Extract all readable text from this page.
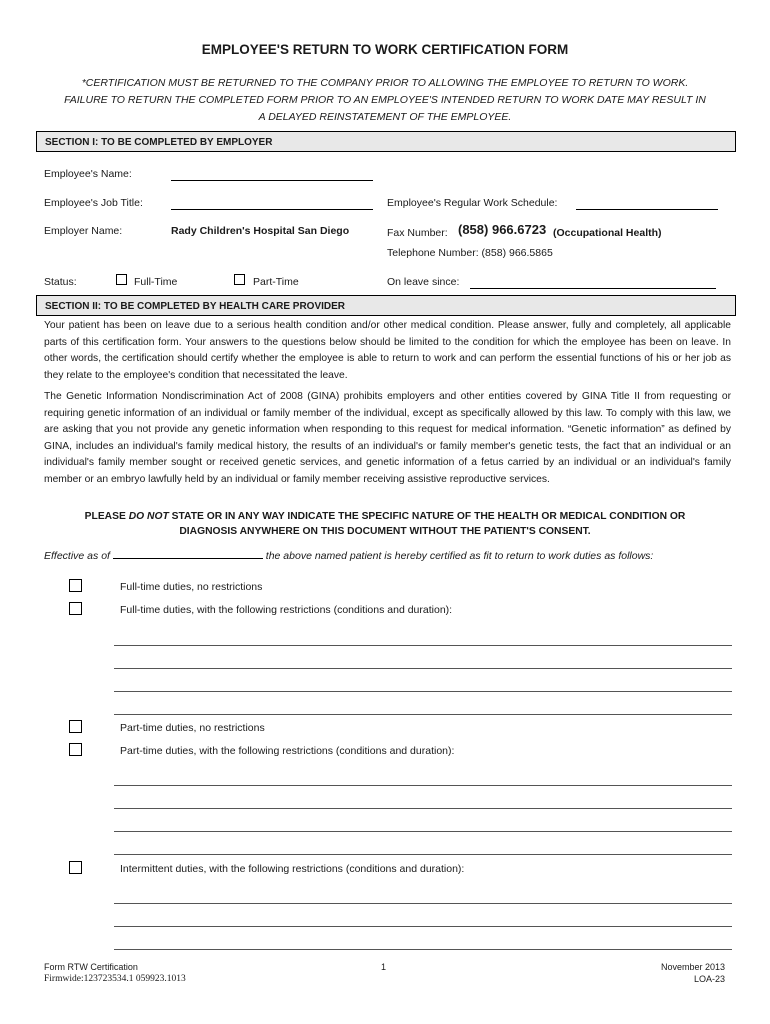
EMPLOYEE'S RETURN TO WORK CERTIFICATION FORM
*CERTIFICATION MUST BE RETURNED TO THE COMPANY PRIOR TO ALLOWING THE EMPLOYEE TO RETURN TO WORK. FAILURE TO RETURN THE COMPLETED FORM PRIOR TO AN EMPLOYEE'S INTENDED RETURN TO WORK DATE MAY RESULT IN A DELAYED REINSTATEMENT OF THE EMPLOYEE.
SECTION I: TO BE COMPLETED BY EMPLOYER
Employee's Name:
Employee's Job Title:	Employee's Regular Work Schedule:
Employer Name:	Rady Children's Hospital San Diego	Fax Number: (858) 966.6723 (Occupational Health)
Telephone Number: (858) 966.5865
Status:	Full-Time	Part-Time	On leave since:
SECTION II: TO BE COMPLETED BY HEALTH CARE PROVIDER
Your patient has been on leave due to a serious health condition and/or other medical condition. Please answer, fully and completely, all applicable parts of this certification form. Your answers to the questions below should be limited to the condition for which the employee has been on leave. In other words, the certification should certify whether the employee is able to return to work and can perform the essential functions of his or her job as they relate to the employee's condition that necessitated the leave.
The Genetic Information Nondiscrimination Act of 2008 (GINA) prohibits employers and other entities covered by GINA Title II from requesting or requiring genetic information of an individual or family member of the individual, except as specifically allowed by this law. To comply with this law, we are asking that you not provide any genetic information when responding to this request for medical information. “Genetic information” as defined by GINA, includes an individual's family medical history, the results of an individual's or family member's genetic tests, the fact that an individual or an individual's family member sought or received genetic services, and genetic information of a fetus carried by an individual or an individual's family member or an embryo lawfully held by an individual or family member receiving assistive reproductive services.
PLEASE DO NOT STATE OR IN ANY WAY INDICATE THE SPECIFIC NATURE OF THE HEALTH OR MEDICAL CONDITION OR DIAGNOSIS ANYWHERE ON THIS DOCUMENT WITHOUT THE PATIENT'S CONSENT.
Effective as of	the above named patient is hereby certified as fit to return to work duties as follows:
Full-time duties, no restrictions
Full-time duties, with the following restrictions (conditions and duration):
Part-time duties, no restrictions
Part-time duties, with the following restrictions (conditions and duration):
Intermittent duties, with the following restrictions (conditions and duration):
Form RTW Certification
Firmwide:123723534.1 059923.1013
1	November 2013
LOA-23
